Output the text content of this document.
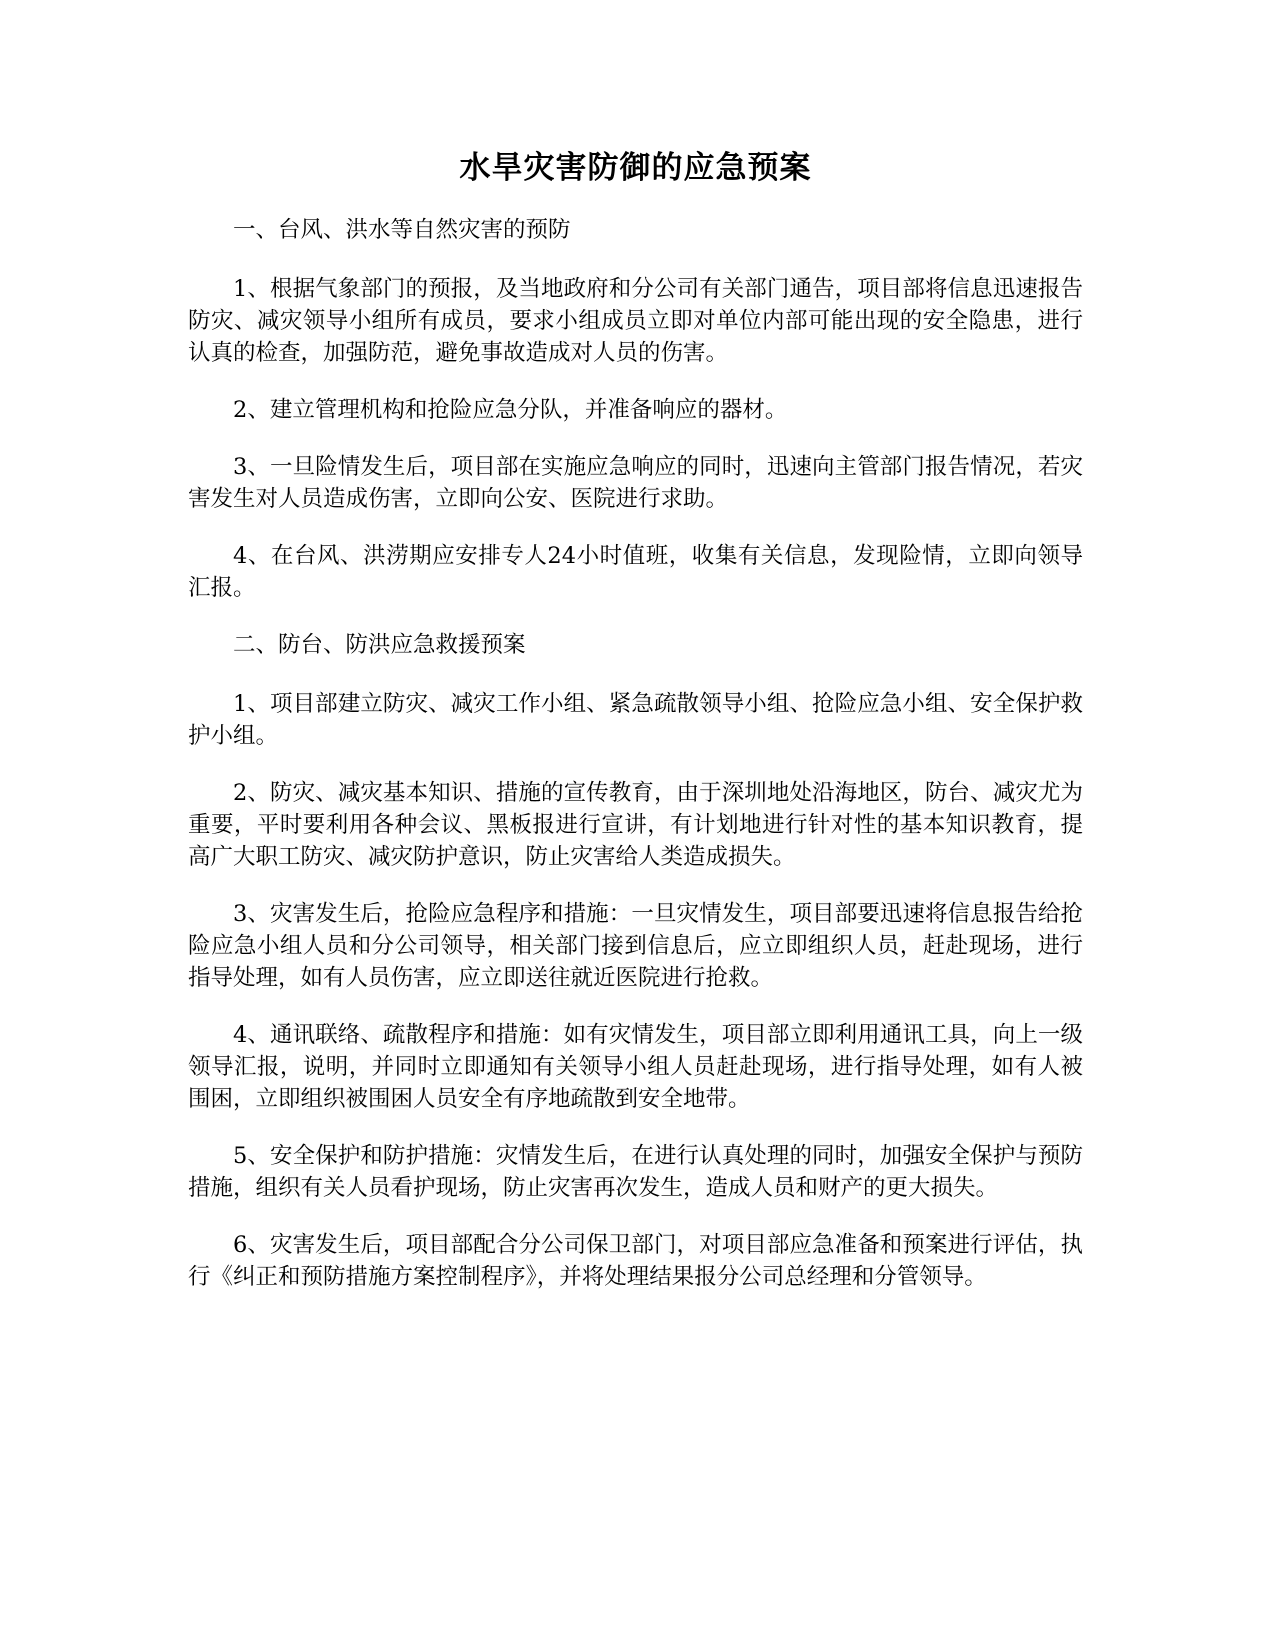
水旱灾害防御的应急预案

一、台风、洪水等自然灾害的预防

1、根据气象部门的预报，及当地政府和分公司有关部门通告，项目部将信息迅速报告防灾、减灾领导小组所有成员，要求小组成员立即对单位内部可能出现的安全隐患，进行认真的检查，加强防范，避免事故造成对人员的伤害。

2、建立管理机构和抢险应急分队，并准备响应的器材。

3、一旦险情发生后，项目部在实施应急响应的同时，迅速向主管部门报告情况，若灾害发生对人员造成伤害，立即向公安、医院进行求助。

4、在台风、洪涝期应安排专人24小时值班，收集有关信息，发现险情，立即向领导汇报。

二、防台、防洪应急救援预案

1、项目部建立防灾、减灾工作小组、紧急疏散领导小组、抢险应急小组、安全保护救护小组。

2、防灾、减灾基本知识、措施的宣传教育，由于深圳地处沿海地区，防台、减灾尤为重要，平时要利用各种会议、黑板报进行宣讲，有计划地进行针对性的基本知识教育，提高广大职工防灾、减灾防护意识，防止灾害给人类造成损失。

3、灾害发生后，抢险应急程序和措施：一旦灾情发生，项目部要迅速将信息报告给抢险应急小组人员和分公司领导，相关部门接到信息后，应立即组织人员，赶赴现场，进行指导处理，如有人员伤害，应立即送往就近医院进行抢救。

4、通讯联络、疏散程序和措施：如有灾情发生，项目部立即利用通讯工具，向上一级领导汇报，说明，并同时立即通知有关领导小组人员赶赴现场，进行指导处理，如有人被围困，立即组织被围困人员安全有序地疏散到安全地带。

5、安全保护和防护措施：灾情发生后，在进行认真处理的同时，加强安全保护与预防措施，组织有关人员看护现场，防止灾害再次发生，造成人员和财产的更大损失。

6、灾害发生后，项目部配合分公司保卫部门，对项目部应急准备和预案进行评估，执行《纠正和预防措施方案控制程序》，并将处理结果报分公司总经理和分管领导。
